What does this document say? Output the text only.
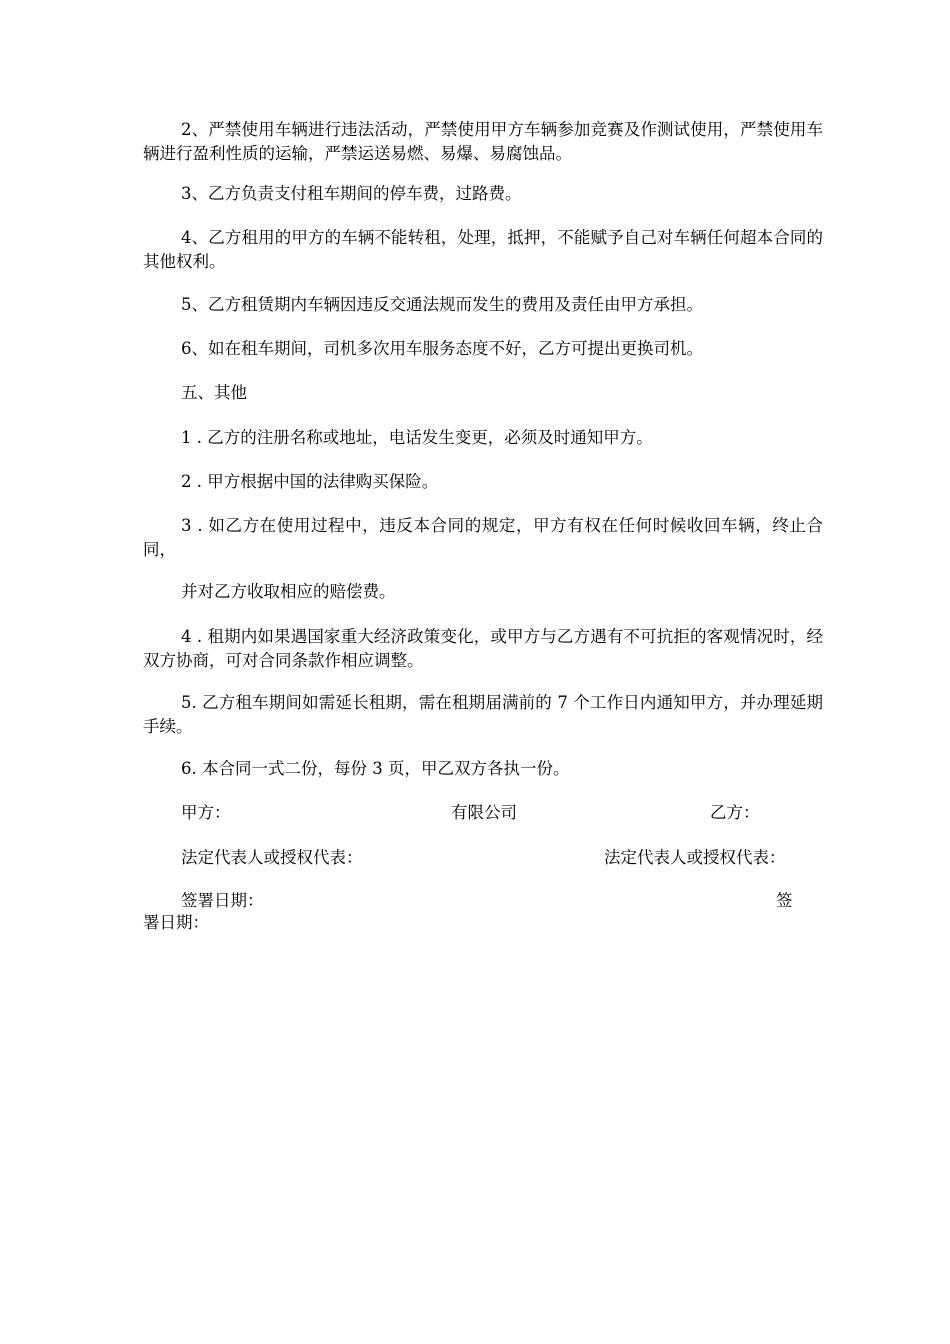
2、严禁使用车辆进行违法活动，严禁使用甲方车辆参加竞赛及作测试使用，严禁使用车辆进行盈利性质的运输，严禁运送易燃、易爆、易腐蚀品。
3、乙方负责支付租车期间的停车费，过路费。
4、乙方租用的甲方的车辆不能转租，处理，抵押，不能赋予自己对车辆任何超本合同的其他权利。
5、乙方租赁期内车辆因违反交通法规而发生的费用及责任由甲方承担。
6、如在租车期间，司机多次用车服务态度不好，乙方可提出更换司机。
五、其他
1 . 乙方的注册名称或地址，电话发生变更，必须及时通知甲方。
2 . 甲方根据中国的法律购买保险。
3 . 如乙方在使用过程中，违反本合同的规定，甲方有权在任何时候收回车辆，终止合同，
并对乙方收取相应的赔偿费。
4 . 租期内如果遇国家重大经济政策变化，或甲方与乙方遇有不可抗拒的客观情况时，经双方协商，可对合同条款作相应调整。
5. 乙方租车期间如需延长租期，需在租期届满前的 7 个工作日内通知甲方，并办理延期手续。
6. 本合同一式二份，每份 3 页，甲乙双方各执一份。
甲方：	有限公司	乙方：
法定代表人或授权代表：	法定代表人或授权代表：
签署日期：	签
署日期：
